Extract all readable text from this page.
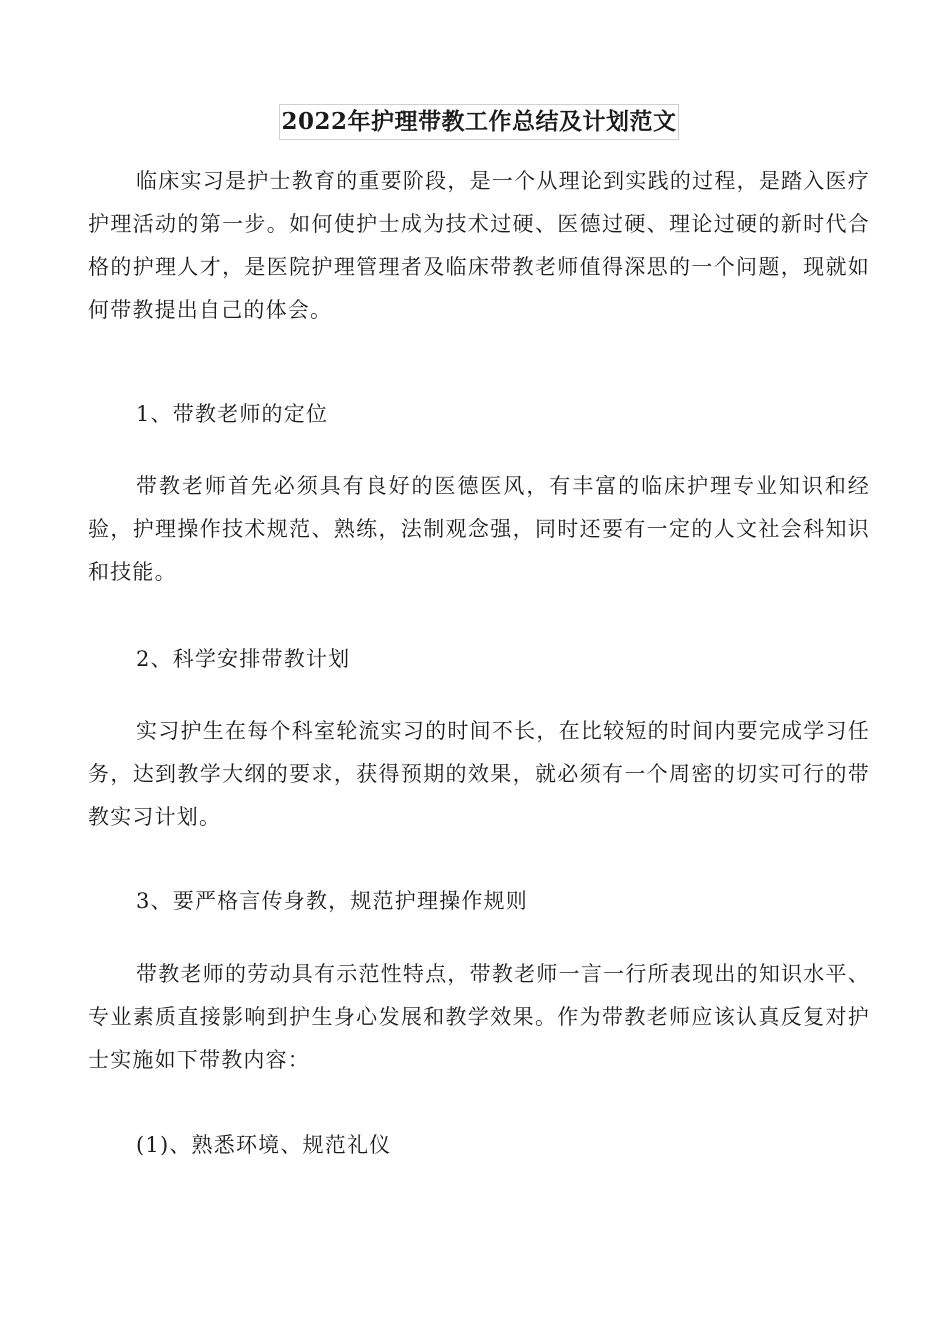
2022年护理带教工作总结及计划范文

临床实习是护士教育的重要阶段，是一个从理论到实践的过程，是踏入医疗护理活动的第一步。如何使护士成为技术过硬、医德过硬、理论过硬的新时代合格的护理人才，是医院护理管理者及临床带教老师值得深思的一个问题，现就如何带教提出自己的体会。

1、带教老师的定位

带教老师首先必须具有良好的医德医风，有丰富的临床护理专业知识和经验，护理操作技术规范、熟练，法制观念强，同时还要有一定的人文社会科知识和技能。

2、科学安排带教计划

实习护生在每个科室轮流实习的时间不长，在比较短的时间内要完成学习任务，达到教学大纲的要求，获得预期的效果，就必须有一个周密的切实可行的带教实习计划。

3、要严格言传身教，规范护理操作规则

带教老师的劳动具有示范性特点，带教老师一言一行所表现出的知识水平、专业素质直接影响到护生身心发展和教学效果。作为带教老师应该认真反复对护士实施如下带教内容：

(1)、熟悉环境、规范礼仪
